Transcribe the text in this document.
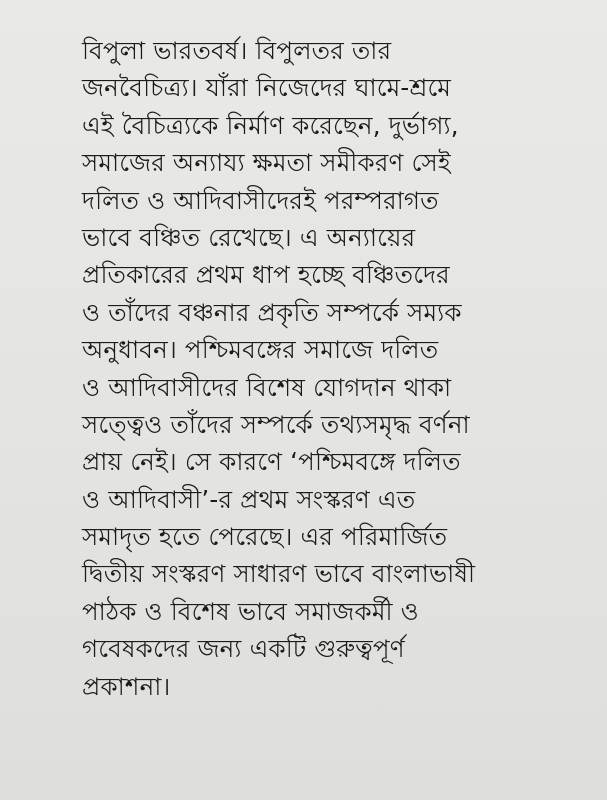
বিপুলা ভারতবর্ষ। বিপুলতর তার
জনবৈচিত্র্য। যাঁরা নিজেদের ঘামে-শ্রমে
এই বৈচিত্র্যকে নির্মাণ করেছেন, দুর্ভাগ্য,
সমাজের অন্যায্য ক্ষমতা সমীকরণ সেই
দলিত ও আদিবাসীদেরই পরম্পরাগত
ভাবে বঞ্চিত রেখেছে। এ অন্যায়ের
প্রতিকারের প্রথম ধাপ হচ্ছে বঞ্চিতদের
ও তাঁদের বঞ্চনার প্রকৃতি সম্পর্কে সম্যক
অনুধাবন। পশ্চিমবঙ্গের সমাজে দলিত
ও আদিবাসীদের বিশেষ যোগদান থাকা
সত্ত্বেও তাঁদের সম্পর্কে তথ্যসমৃদ্ধ বর্ণনা
প্রায় নেই। সে কারণে ‘পশ্চিমবঙ্গে দলিত
ও আদিবাসী’-র প্রথম সংস্করণ এত
সমাদৃত হতে পেরেছে। এর পরিমার্জিত
দ্বিতীয় সংস্করণ সাধারণ ভাবে বাংলাভাষী
পাঠক ও বিশেষ ভাবে সমাজকর্মী ও
গবেষকদের জন্য একটি গুরুত্বপূর্ণ
প্রকাশনা।
